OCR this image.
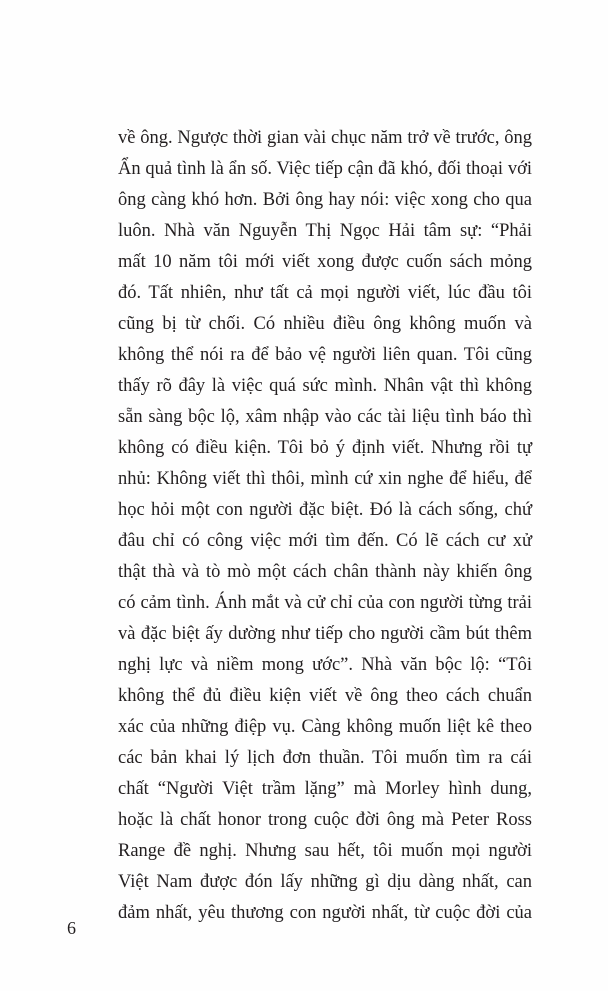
về ông. Ngược thời gian vài chục năm trở về trước, ông
Ẩn quả tình là ẩn số. Việc tiếp cận đã khó, đối thoại với
ông càng khó hơn. Bởi ông hay nói: việc xong cho qua
luôn. Nhà văn Nguyễn Thị Ngọc Hải tâm sự: “Phải
mất 10 năm tôi mới viết xong được cuốn sách mỏng
đó. Tất nhiên, như tất cả mọi người viết, lúc đầu tôi
cũng bị từ chối. Có nhiều điều ông không muốn và
không thể nói ra để bảo vệ người liên quan. Tôi cũng
thấy rõ đây là việc quá sức mình. Nhân vật thì không
sẵn sàng bộc lộ, xâm nhập vào các tài liệu tình báo thì
không có điều kiện. Tôi bỏ ý định viết. Nhưng rồi tự
nhủ: Không viết thì thôi, mình cứ xin nghe để hiểu, để
học hỏi một con người đặc biệt. Đó là cách sống, chứ
đâu chỉ có công việc mới tìm đến. Có lẽ cách cư xử
thật thà và tò mò một cách chân thành này khiến ông
có cảm tình. Ánh mắt và cử chỉ của con người từng trải
và đặc biệt ấy dường như tiếp cho người cầm bút thêm
nghị lực và niềm mong ước”. Nhà văn bộc lộ: “Tôi
không thể đủ điều kiện viết về ông theo cách chuẩn
xác của những điệp vụ. Càng không muốn liệt kê theo
các bản khai lý lịch đơn thuần. Tôi muốn tìm ra cái
chất “Người Việt trầm lặng” mà Morley hình dung,
hoặc là chất honor trong cuộc đời ông mà Peter Ross
Range đề nghị. Nhưng sau hết, tôi muốn mọi người
Việt Nam được đón lấy những gì dịu dàng nhất, can
đảm nhất, yêu thương con người nhất, từ cuộc đời của
6
